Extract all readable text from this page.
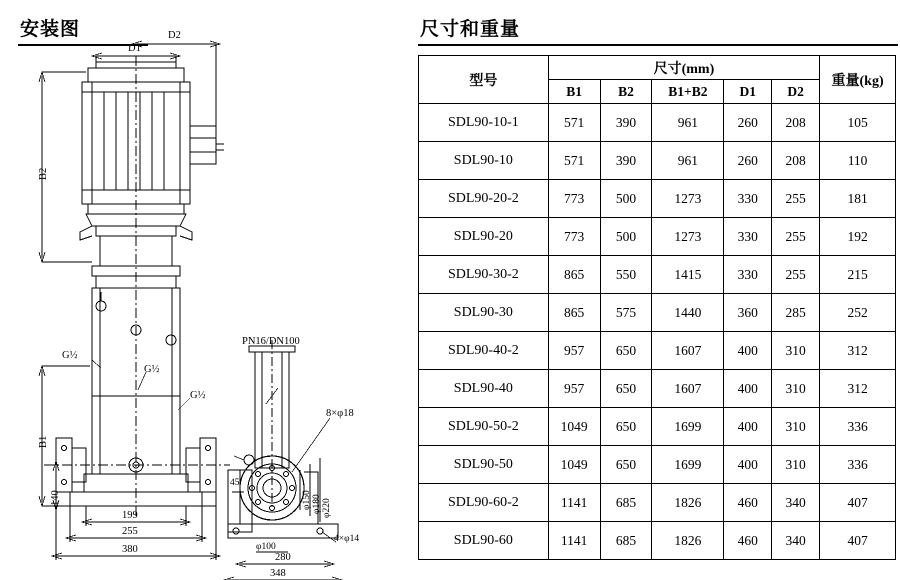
安装图	D2
D1
B2
B1
G½
G½
G½
140
199
255
380
PN16/DN100
8×φ18
φ150 φ180 φ220
45
φ100
4×φ14
280
348
尺寸和重量
型号	尺寸(mm)					重量(kg)
	B1	B2	B1+B2	D1	D2	
SDL90-10-1	571	390	961	260	208	105
SDL90-10	571	390	961	260	208	110
SDL90-20-2	773	500	1273	330	255	181
SDL90-20	773	500	1273	330	255	192
SDL90-30-2	865	550	1415	330	255	215
SDL90-30	865	575	1440	360	285	252
SDL90-40-2	957	650	1607	400	310	312
SDL90-40	957	650	1607	400	310	312
SDL90-50-2	1049	650	1699	400	310	336
SDL90-50	1049	650	1699	400	310	336
SDL90-60-2	1141	685	1826	460	340	407
SDL90-60	1141	685	1826	460	340	407
